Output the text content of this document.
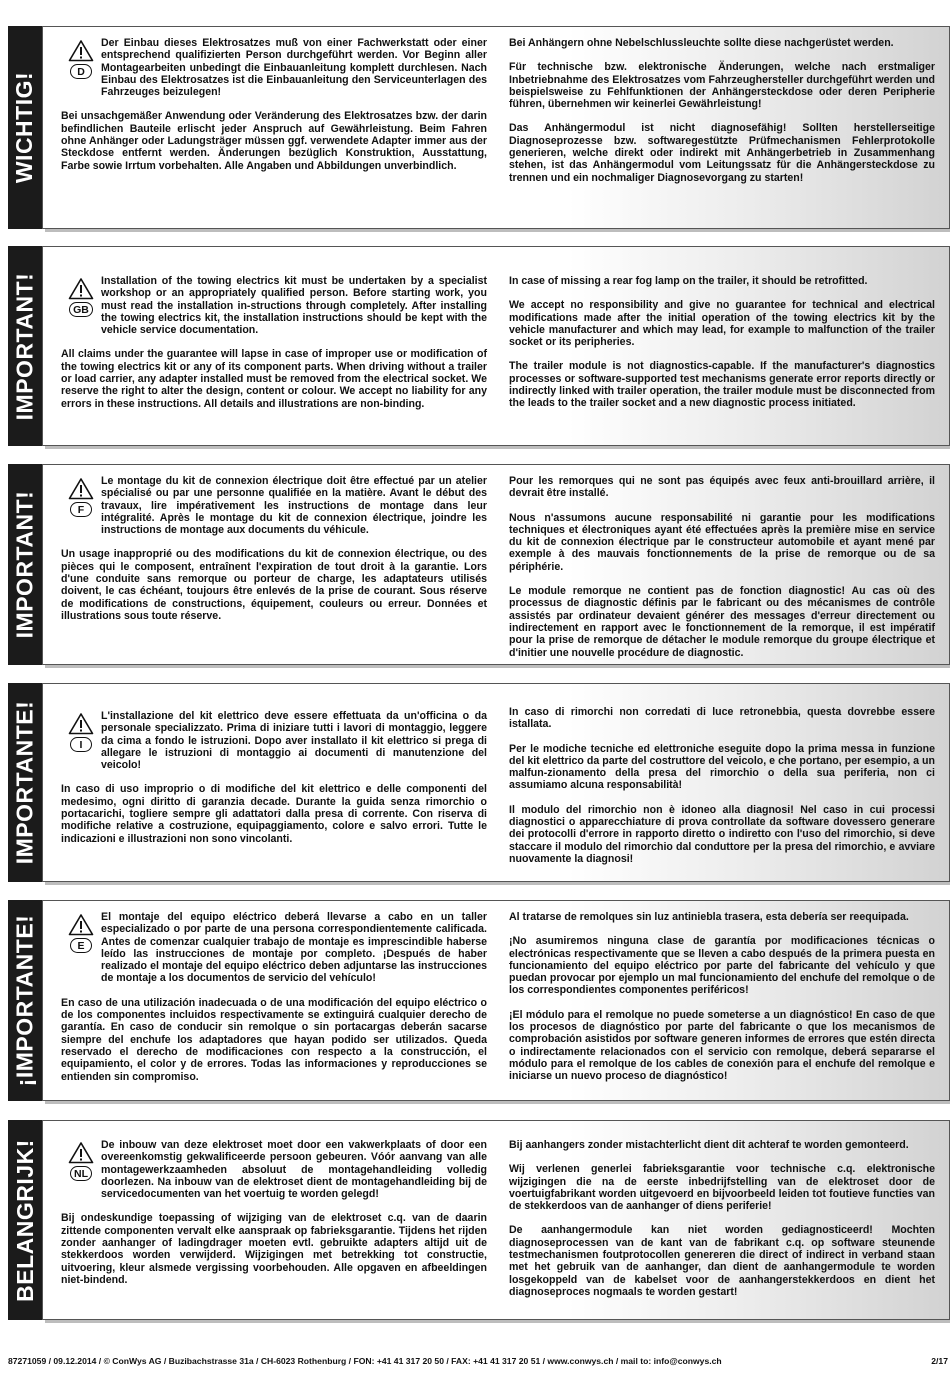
WICHTIG!	D

Der Einbau dieses Elektrosatzes muß von einer Fachwerkstatt oder einer entsprechend qualifizierten Person durchgeführt werden. Vor Beginn aller Montagearbeiten unbedingt die Einbauanleitung komplett durchlesen. Nach Einbau des Elektrosatzes ist die Einbauanleitung den Serviceunterlagen des Fahrzeuges beizulegen!

Bei unsachgemäßer Anwendung oder Veränderung des Elektrosatzes bzw. der darin befindlichen Bauteile erlischt jeder Anspruch auf Gewährleistung. Beim Fahren ohne Anhänger oder Ladungsträger müssen ggf. verwendete Adapter immer aus der Steckdose entfernt werden. Änderungen bezüglich Konstruktion, Ausstattung, Farbe sowie Irrtum vorbehalten. Alle Angaben und Abbildungen unverbindlich.

Bei Anhängern ohne Nebelschlussleuchte sollte diese nachgerüstet werden.

Für technische bzw. elektronische Änderungen, welche nach erstmaliger Inbetriebnahme des Elektrosatzes vom Fahrzeughersteller durchgeführt werden und beispielsweise zu Fehlfunktionen der Anhängersteckdose oder deren Peripherie führen, übernehmen wir keinerlei Gewährleistung!

Das Anhängermodul ist nicht diagnosefähig! Sollten herstellerseitige Diagnoseprozesse bzw. softwaregestützte Prüfmechanismen Fehlerprotokolle generieren, welche direkt oder indirekt mit Anhängerbetrieb in Zusammenhang stehen, ist das Anhängermodul vom Leitungssatz für die Anhängersteckdose zu trennen und ein nochmaliger Diagnosevorgang zu starten!

IMPORTANT!	GB

Installation of the towing electrics kit must be undertaken by a specialist workshop or an appropriately qualified person. Before starting work, you must read the installation in-structions through completely. After installing the towing electrics kit, the installation instructions should be kept with the vehicle service documentation.

All claims under the guarantee will lapse in case of improper use or modification of the towing electrics kit or any of its component parts. When driving without a trailer or load carrier, any adapter installed must be removed from the electrical socket. We reserve the right to alter the design, content or colour. We accept no liability for any errors in these instructions. All details and illustrations are non-binding.

In case of missing a rear fog lamp on the trailer, it should be retrofitted.

We accept no responsibility and give no guarantee for technical and electrical modifications made after the initial operation of the towing electrics kit by the vehicle manufacturer and which may lead, for example to malfunction of the trailer socket or its peripheries.

The trailer module is not diagnostics-capable. If the manufacturer's diagnostics processes or software-supported test mechanisms generate error reports directly or indirectly linked with trailer operation, the trailer module must be disconnected from the leads to the trailer socket and a new diagnostic process initiated.

IMPORTANT!	F

Le montage du kit de connexion électrique doit être effectué par un atelier spécialisé ou par une personne qualifiée en la matière. Avant le début des travaux, lire impérativement les instructions de montage dans leur intégralité. Après le montage du kit de connexion électrique, joindre les instructions de montage aux documents du véhicule.

Un usage inapproprié ou des modifications du kit de connexion électrique, ou des pièces qui le composent, entraînent l'expiration de tout droit à la garantie. Lors d'une conduite sans remorque ou porteur de charge, les adaptateurs utilisés doivent, le cas échéant, toujours être enlevés de la prise de courant. Sous réserve de modifications de constructions, équipement, couleurs ou erreur. Données et illustrations sous toute réserve.

Pour les remorques qui ne sont pas équipés avec feux anti-brouillard arrière, il devrait être installé.

Nous n'assumons aucune responsabilité ni garantie pour les modifications techniques et électroniques ayant été effectuées après la première mise en service du kit de connexion électrique par le constructeur automobile et ayant mené par exemple à des mauvais fonctionnements de la prise de remorque ou de sa périphérie.

Le module remorque ne contient pas de fonction diagnostic! Au cas où des processus de diagnostic définis par le fabricant ou des mécanismes de contrôle assistés par ordinateur devaient générer des messages d'erreur directement ou indirectement en rapport avec le fonctionnement de la remorque, il est impératif pour la prise de remorque de détacher le module remorque du groupe électrique et d'initier une nouvelle procédure de diagnostic.

IMPORTANTE!	I

L'installazione del kit elettrico deve essere effettuata da un'officina o da personale specializzato. Prima di iniziare tutti i lavori di montaggio, leggere da cima a fondo le istruzioni. Dopo aver installato il kit elettrico si prega di allegare le istruzioni di montaggio ai documenti di manutenzione del veicolo!

In caso di uso improprio o di modifiche del kit elettrico e delle componenti del medesimo, ogni diritto di garanzia decade. Durante la guida senza rimorchio o portacarichi, togliere sempre gli adattatori dalla presa di corrente. Con riserva di modifiche relative a costruzione, equipaggiamento, colore e salvo errori. Tutte le indicazioni e illustrazioni non sono vincolanti.

In caso di rimorchi non corredati di luce retronebbia, questa dovrebbe essere istallata.

Per le modiche tecniche ed elettroniche eseguite dopo la prima messa in funzione del kit elettrico da parte del costruttore del veicolo, e che portano, per esempio, a un malfun-zionamento della presa del rimorchio o della sua periferia, non ci assumiamo alcuna responsabilità!

Il modulo del rimorchio non è idoneo alla diagnosi! Nel caso in cui processi diagnostici o apparecchiature di prova controllate da software dovessero generare dei protocolli d'errore in rapporto diretto o indiretto con l'uso del rimorchio, si deve staccare il modulo del rimorchio dal conduttore per la presa del rimorchio, e avviare nuovamente la diagnosi!

¡IMPORTANTE!	E

El montaje del equipo eléctrico deberá llevarse a cabo en un taller especializado o por parte de una persona correspondientemente calificada. Antes de comenzar cualquier trabajo de montaje es imprescindible haberse leído las instrucciones de montaje por completo. ¡Después de haber realizado el montaje del equipo eléctrico deben adjuntarse las instrucciones de montaje a los documentos de servicio del vehículo!

En caso de una utilización inadecuada o de una modificación del equipo eléctrico o de los componentes incluidos respectivamente se extinguirá cualquier derecho de garantía. En caso de conducir sin remolque o sin portacargas deberán sacarse siempre del enchufe los adaptadores que hayan podido ser utilizados. Queda reservado el derecho de modificaciones con respecto a la construcción, el equipamiento, el color y de errores. Todas las informaciones y reproducciones se entienden sin compromiso.

Al tratarse de remolques sin luz antiniebla trasera, esta debería ser reequipada.

¡No asumiremos ninguna clase de garantía por modificaciones técnicas o electrónicas respectivamente que se lleven a cabo después de la primera puesta en funcionamiento del equipo eléctrico por parte del fabricante del vehículo y que puedan provocar por ejemplo un mal funcionamiento del enchufe del remolque o de los correspondientes componentes periféricos!

¡El módulo para el remolque no puede someterse a un diagnóstico! En caso de que los procesos de diagnóstico por parte del fabricante o que los mecanismos de comprobación asistidos por software generen informes de errores que estén directa o indirectamente relacionados con el servicio con remolque, deberá separarse el módulo para el remolque de los cables de conexión para el enchufe del remolque e iniciarse un nuevo proceso de diagnóstico!

BELANGRIJK!	NL

De inbouw van deze elektroset moet door een vakwerkplaats of door een overeenkomstig gekwalificeerde persoon gebeuren. Vóór aanvang van alle montagewerkzaamheden absoluut de montagehandleiding volledig doorlezen. Na inbouw van de elektroset dient de montagehandleiding bij de servicedocumenten van het voertuig te worden gelegd!

Bij ondeskundige toepassing of wijziging van de elektroset c.q. van de daarin zittende componenten vervalt elke aanspraak op fabrieksgarantie. Tijdens het rijden zonder aanhanger of ladingdrager moeten evtl. gebruikte adapters altijd uit de stekkerdoos worden verwijderd. Wijzigingen met betrekking tot constructie, uitvoering, kleur alsmede vergissing voorbehouden. Alle opgaven en afbeeldingen niet-bindend.

Bij aanhangers zonder mistachterlicht dient dit achteraf te worden gemonteerd.

Wij verlenen generlei fabrieksgarantie voor technische c.q. elektronische wijzigingen die na de eerste inbedrijfstelling van de elektroset door de voertuigfabrikant worden uitgevoerd en bijvoorbeeld leiden tot foutieve functies van de stekkerdoos van de aanhanger of diens periferie!

De aanhangermodule kan niet worden gediagnosticeerd! Mochten diagnoseprocessen van de kant van de fabrikant c.q. op software steunende testmechanismen foutprotocollen genereren die direct of indirect in verband staan met het gebruik van de aanhanger, dan dient de aanhangermodule te worden losgekoppeld van de kabelset voor de aanhangerstekkerdoos en dient het diagnoseproces nogmaals te worden gestart!

87271059 / 09.12.2014 / © ConWys AG / Buzibachstrasse 31a / CH-6023 Rothenburg / FON: +41 41 317 20 50 / FAX: +41 41 317 20 51 / www.conwys.ch / mail to: info@conwys.ch	2/17
